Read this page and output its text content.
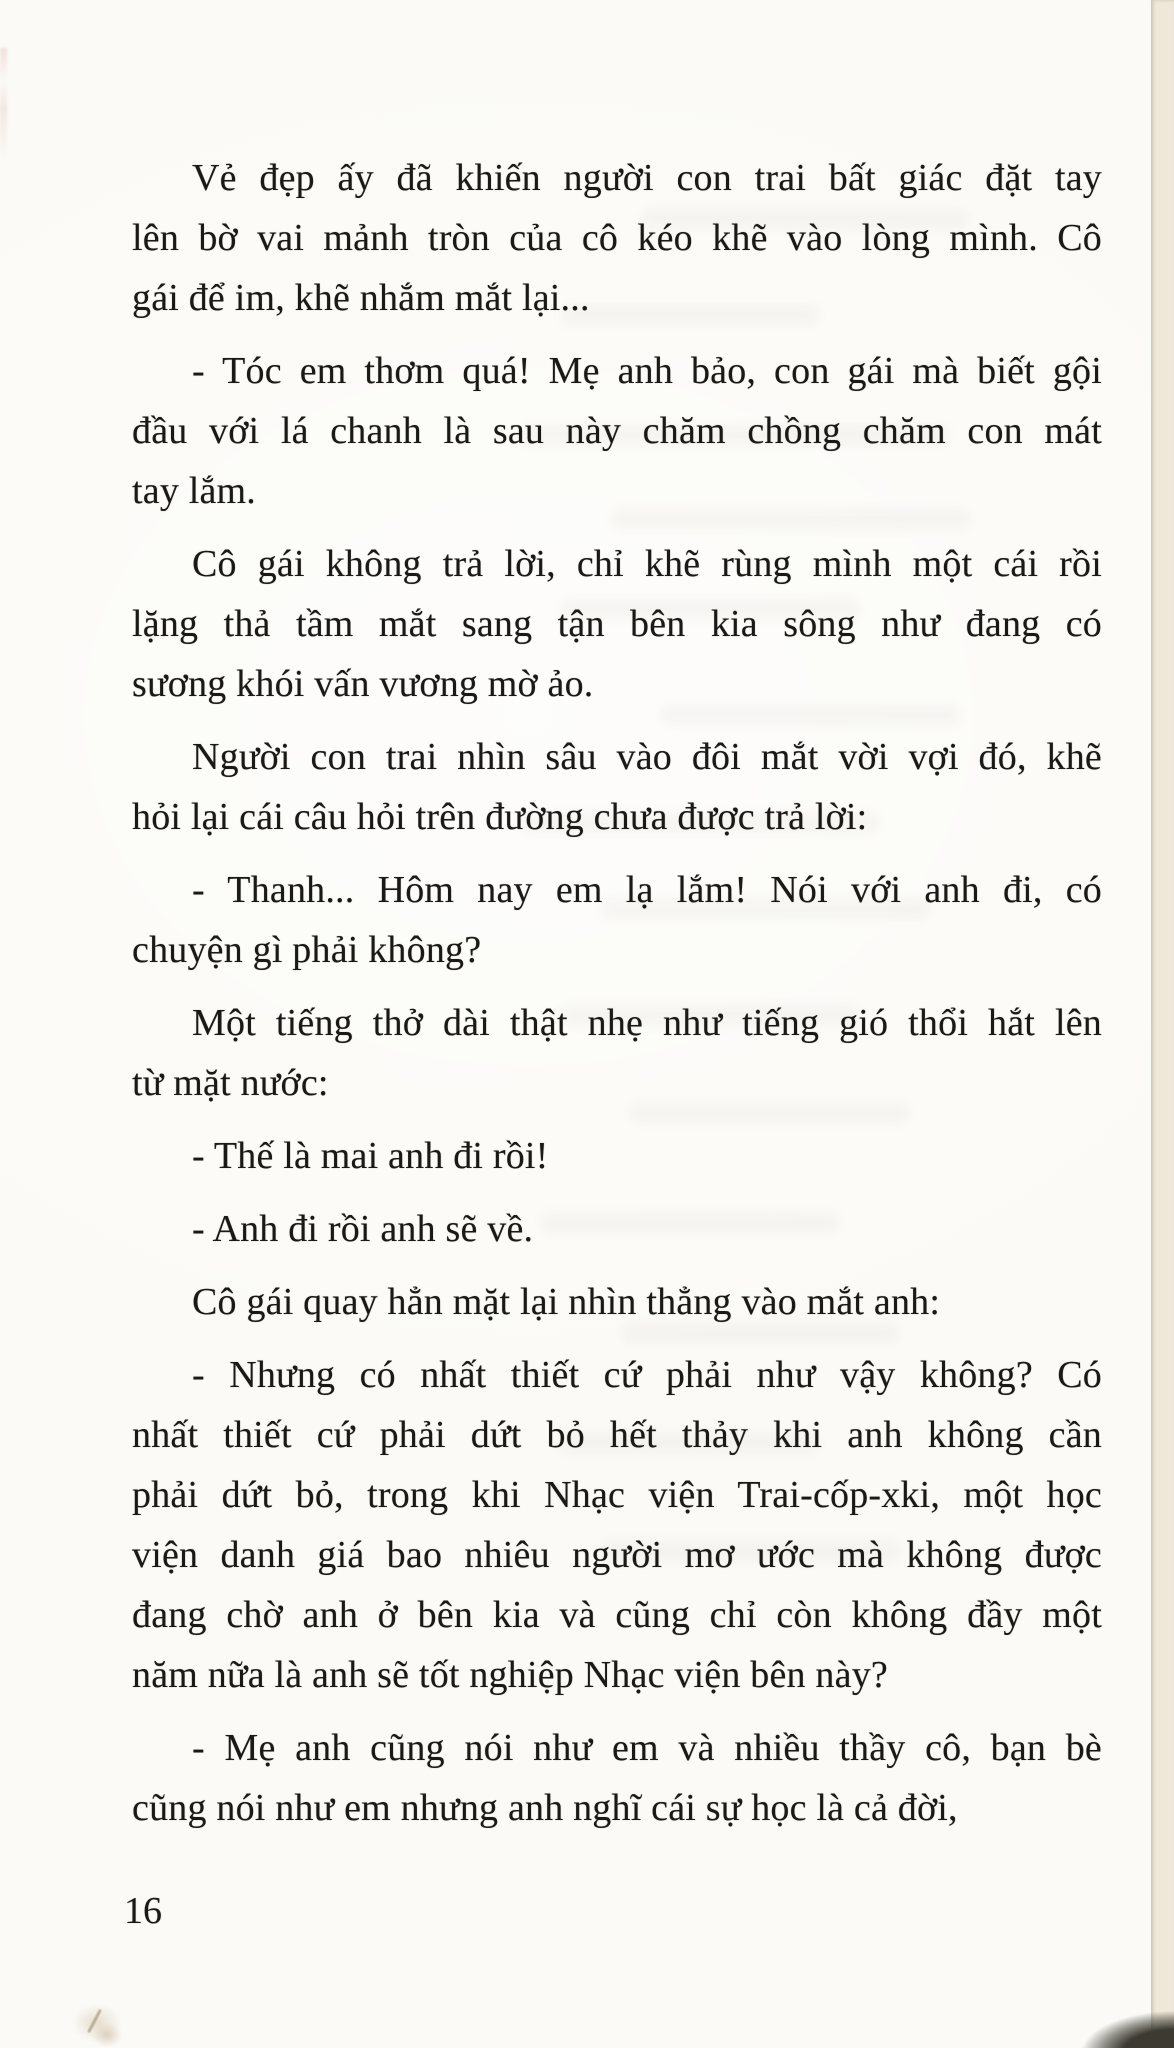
Vẻ đẹp ấy đã khiến người con trai bất giác đặt tay
lên bờ vai mảnh tròn của cô kéo khẽ vào lòng mình. Cô
gái để im, khẽ nhắm mắt lại...
- Tóc em thơm quá! Mẹ anh bảo, con gái mà biết gội
đầu với lá chanh là sau này chăm chồng chăm con mát
tay lắm.
Cô gái không trả lời, chỉ khẽ rùng mình một cái rồi
lặng thả tầm mắt sang tận bên kia sông như đang có
sương khói vấn vương mờ ảo.
Người con trai nhìn sâu vào đôi mắt vời vợi đó, khẽ
hỏi lại cái câu hỏi trên đường chưa được trả lời:
- Thanh... Hôm nay em lạ lắm! Nói với anh đi, có
chuyện gì phải không?
Một tiếng thở dài thật nhẹ như tiếng gió thổi hắt lên
từ mặt nước:
- Thế là mai anh đi rồi!
- Anh đi rồi anh sẽ về.
Cô gái quay hẳn mặt lại nhìn thẳng vào mắt anh:
- Nhưng có nhất thiết cứ phải như vậy không? Có
nhất thiết cứ phải dứt bỏ hết thảy khi anh không cần
phải dứt bỏ, trong khi Nhạc viện Trai-cốp-xki, một học
viện danh giá bao nhiêu người mơ ước mà không được
đang chờ anh ở bên kia và cũng chỉ còn không đầy một
năm nữa là anh sẽ tốt nghiệp Nhạc viện bên này?
- Mẹ anh cũng nói như em và nhiều thầy cô, bạn bè
cũng nói như em nhưng anh nghĩ cái sự học là cả đời,
16
